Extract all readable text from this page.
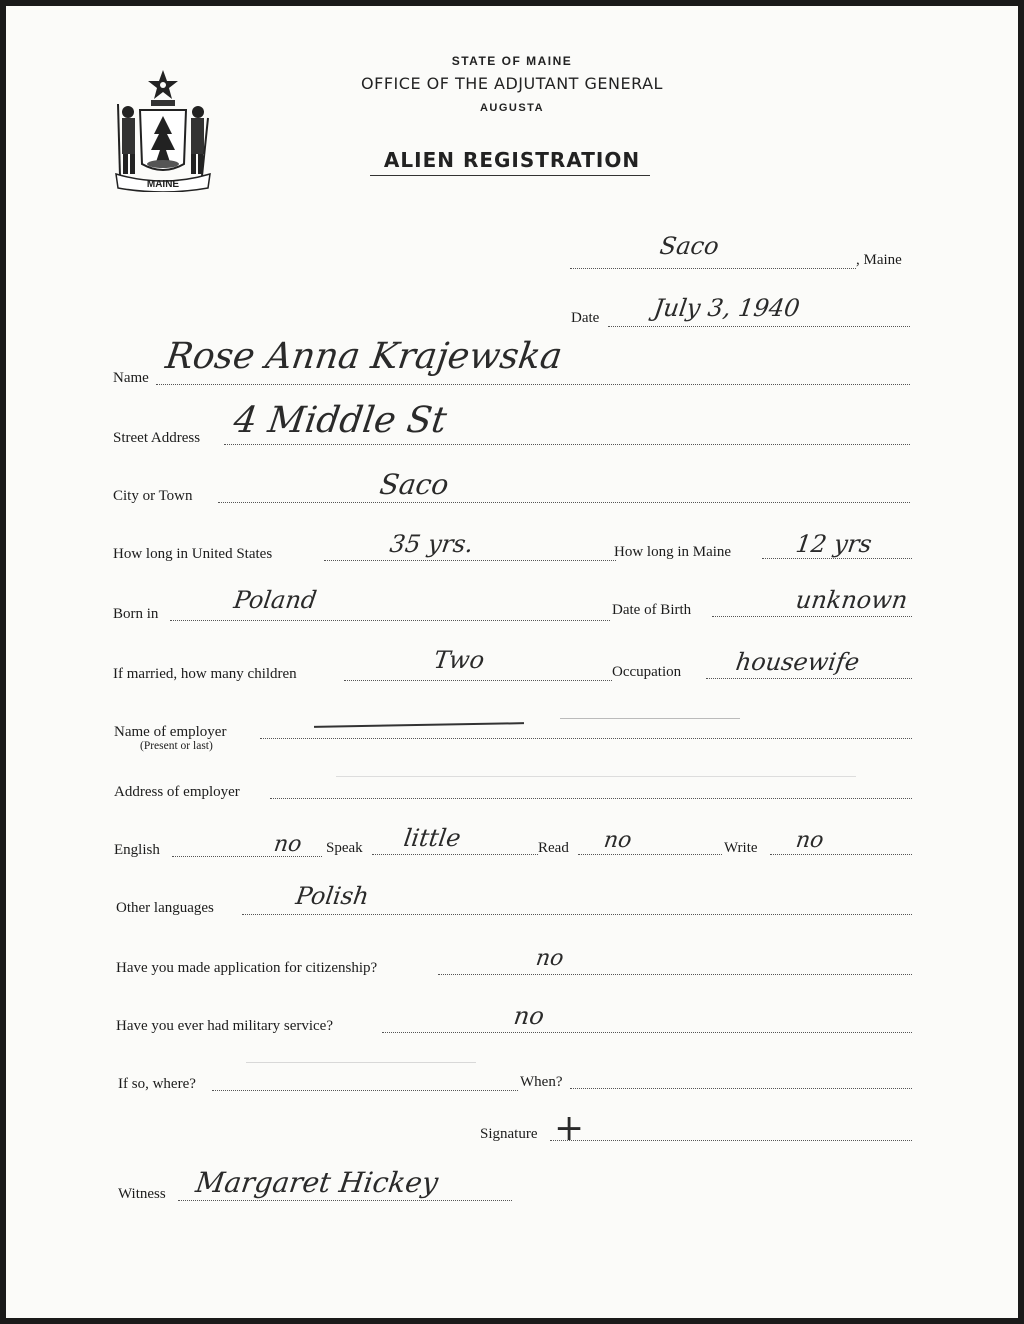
MAINE
STATE OF MAINE
OFFICE OF THE ADJUTANT GENERAL
AUGUSTA
ALIEN REGISTRATION
Saco	, Maine
Date July 3, 1940
Name
Rose Anna Krajewska
Street Address 4 Middle St
City or Town	Saco
How long in United States	35 yrs.	How long in Maine	12 yrs
Born in	Poland	Date of Birth	unknown
If married, how many children	Two	Occupation housewife
Name of employer
(Present or last)
Address of employer
English	no Speak little	Read no	Write no
Other languages	Polish
Have you made application for citizenship?	no
Have you ever had military service?	no
If so, where?	When?
Signature +
Witness Margaret Hickey
